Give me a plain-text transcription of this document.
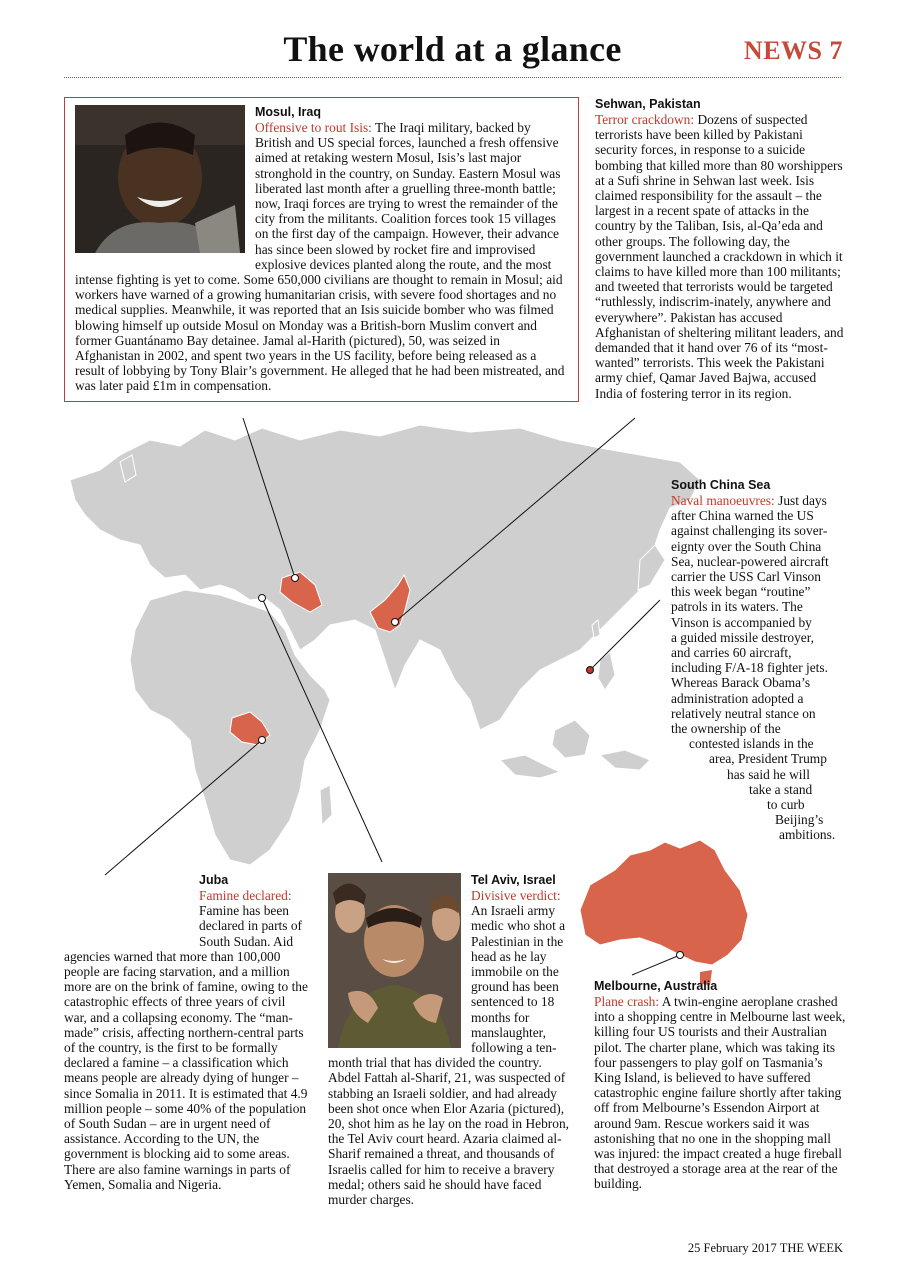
The world at a glance	NEWS 7

Mosul, Iraq

Offensive to rout Isis: The Iraqi military, backed by British and US special forces, launched a fresh offensive aimed at retaking western Mosul, Isis’s last major stronghold in the country, on Sunday. Eastern Mosul was liberated last month after a gruelling three-month battle; now, Iraqi forces are trying to wrest the remainder of the city from the militants. Coalition forces took 15 villages on the first day of the campaign. However, their advance has since been slowed by rocket fire and improvised explosive devices planted along the route, and the most intense fighting is yet to come. Some 650,000 civilians are thought to remain in Mosul; aid workers have warned of a growing humanitarian crisis, with severe food shortages and no medical supplies. Meanwhile, it was reported that an Isis suicide bomber who was filmed blowing himself up outside Mosul on Monday was a British-born Muslim convert and former Guantánamo Bay detainee. Jamal al-Harith (pictured), 50, was seized in Afghanistan in 2002, and spent two years in the US facility, before being released as a result of lobbying by Tony Blair’s government. He alleged that he had been mistreated, and was later paid £1m in compensation.

Sehwan, Pakistan

Terror crackdown: Dozens of suspected terrorists have been killed by Pakistani security forces, in response to a suicide bombing that killed more than 80 worshippers at a Sufi shrine in Sehwan last week. Isis claimed responsibility for the assault – the largest in a recent spate of attacks in the country by the Taliban, Isis, al-Qa’eda and other groups. The following day, the government launched a crackdown in which it claims to have killed more than 100 militants; and tweeted that terrorists would be targeted “ruthlessly, indiscrim-inately, anywhere and everywhere”. Pakistan has accused Afghanistan of sheltering militant leaders, and demanded that it hand over 76 of its “most-wanted” terrorists. This week the Pakistani army chief, Qamar Javed Bajwa, accused India of fostering terror in its region.

South China Sea

Naval manoeuvres: Just days

after China warned the US

against challenging its sover-

eignty over the South China

Sea, nuclear-powered aircraft

carrier the USS Carl Vinson

this week began “routine”

patrols in its waters. The

Vinson is accompanied by

a guided missile destroyer,

and carries 60 aircraft,

including F/A-18 fighter jets.

Whereas Barack Obama’s

administration adopted a

relatively neutral stance on

the ownership of the

contested islands in the

area, President Trump

has said he will

take a stand

to curb

Beijing’s

ambitions.

Juba

Famine declared:

Famine has been declared in parts of South Sudan. Aid agencies warned that more than 100,000 people are facing starvation, and a million more are on the brink of famine, owing to the catastrophic effects of three years of civil war, and a collapsing economy. The “man-made” crisis, affecting northern-central parts of the country, is the first to be formally declared a famine – a classification which means people are already dying of hunger – since Somalia in 2011. It is estimated that 4.9 million people – some 40% of the population of South Sudan – are in urgent need of assistance. According to the UN, the government is blocking aid to some areas. There are also famine warnings in parts of Yemen, Somalia and Nigeria.

Tel Aviv, Israel

Divisive verdict:

An Israeli army medic who shot a Palestinian in the head as he lay immobile on the ground has been sentenced to 18 months for manslaughter, following a ten-month trial that has divided the country. Abdel Fattah al-Sharif, 21, was suspected of stabbing an Israeli soldier, and had already been shot once when Elor Azaria (pictured), 20, shot him as he lay on the road in Hebron, the Tel Aviv court heard. Azaria claimed al-Sharif remained a threat, and thousands of Israelis called for him to receive a bravery medal; others said he should have faced murder charges.

Melbourne, Australia

Plane crash: A twin-engine aeroplane crashed into a shopping centre in Melbourne last week, killing four US tourists and their Australian pilot. The charter plane, which was taking its four passengers to play golf on Tasmania’s King Island, is believed to have suffered catastrophic engine failure shortly after taking off from Melbourne’s Essendon Airport at around 9am. Rescue workers said it was astonishing that no one in the shopping mall was injured: the impact created a huge fireball that destroyed a storage area at the rear of the building.

25 February 2017 THE WEEK
